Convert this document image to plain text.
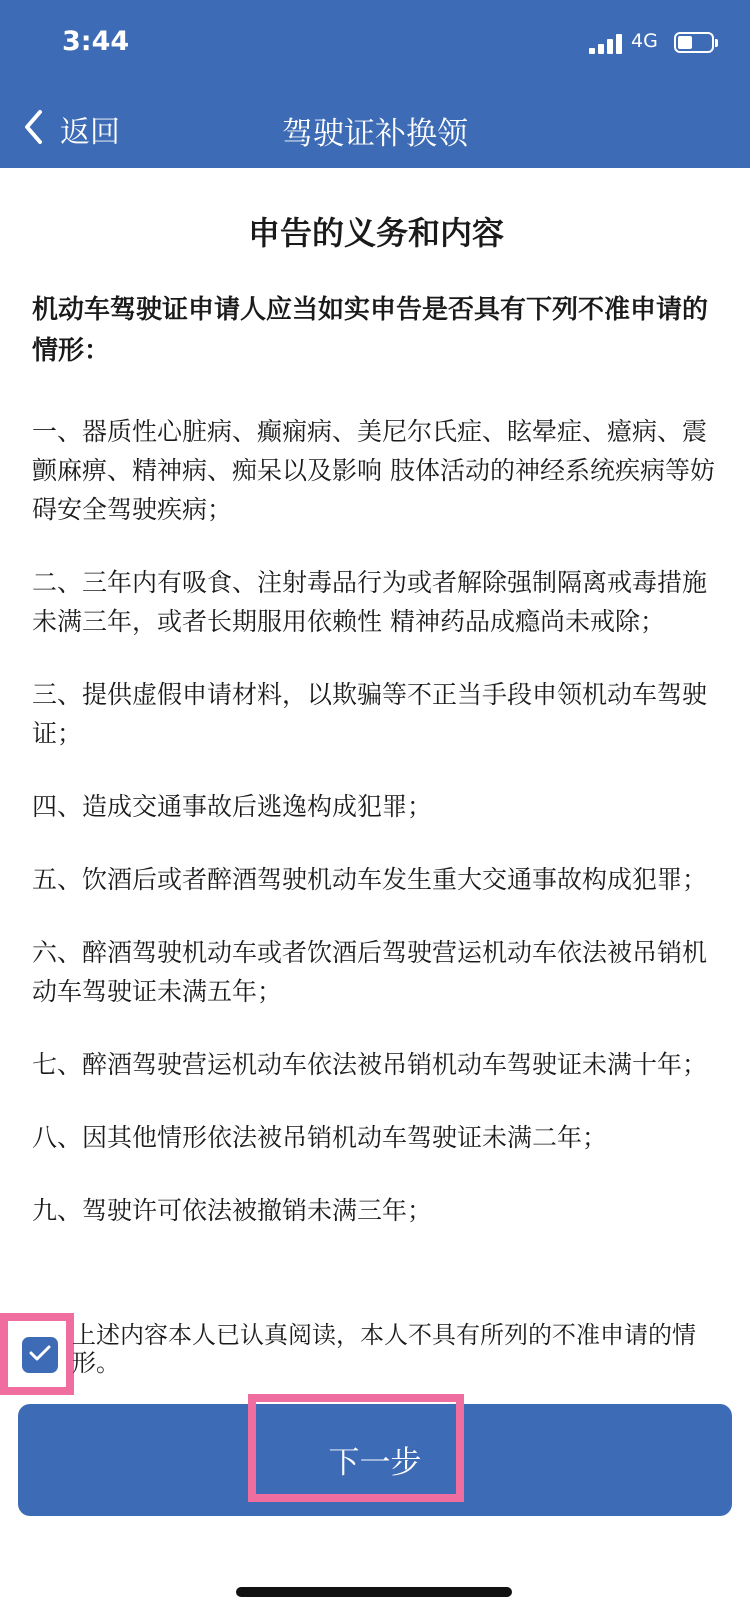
3:44	4G
返回	驾驶证补换领
申告的义务和内容

机动车驾驶证申请人应当如实申告是否具有下列不准申请的情形：

一、器质性心脏病、癫痫病、美尼尔氏症、眩晕症、癔病、震颤麻痹、精神病、痴呆以及影响 肢体活动的神经系统疾病等妨碍安全驾驶疾病；

二、三年内有吸食、注射毒品行为或者解除强制隔离戒毒措施未满三年，或者长期服用依赖性 精神药品成瘾尚未戒除；

三、提供虚假申请材料，以欺骗等不正当手段申领机动车驾驶证；

四、造成交通事故后逃逸构成犯罪；

五、饮酒后或者醉酒驾驶机动车发生重大交通事故构成犯罪；

六、醉酒驾驶机动车或者饮酒后驾驶营运机动车依法被吊销机动车驾驶证未满五年；

七、醉酒驾驶营运机动车依法被吊销机动车驾驶证未满十年；

八、因其他情形依法被吊销机动车驾驶证未满二年；

九、驾驶许可依法被撤销未满三年；

上述内容本人已认真阅读，本人不具有所列的不准申请的情形。
下一步
